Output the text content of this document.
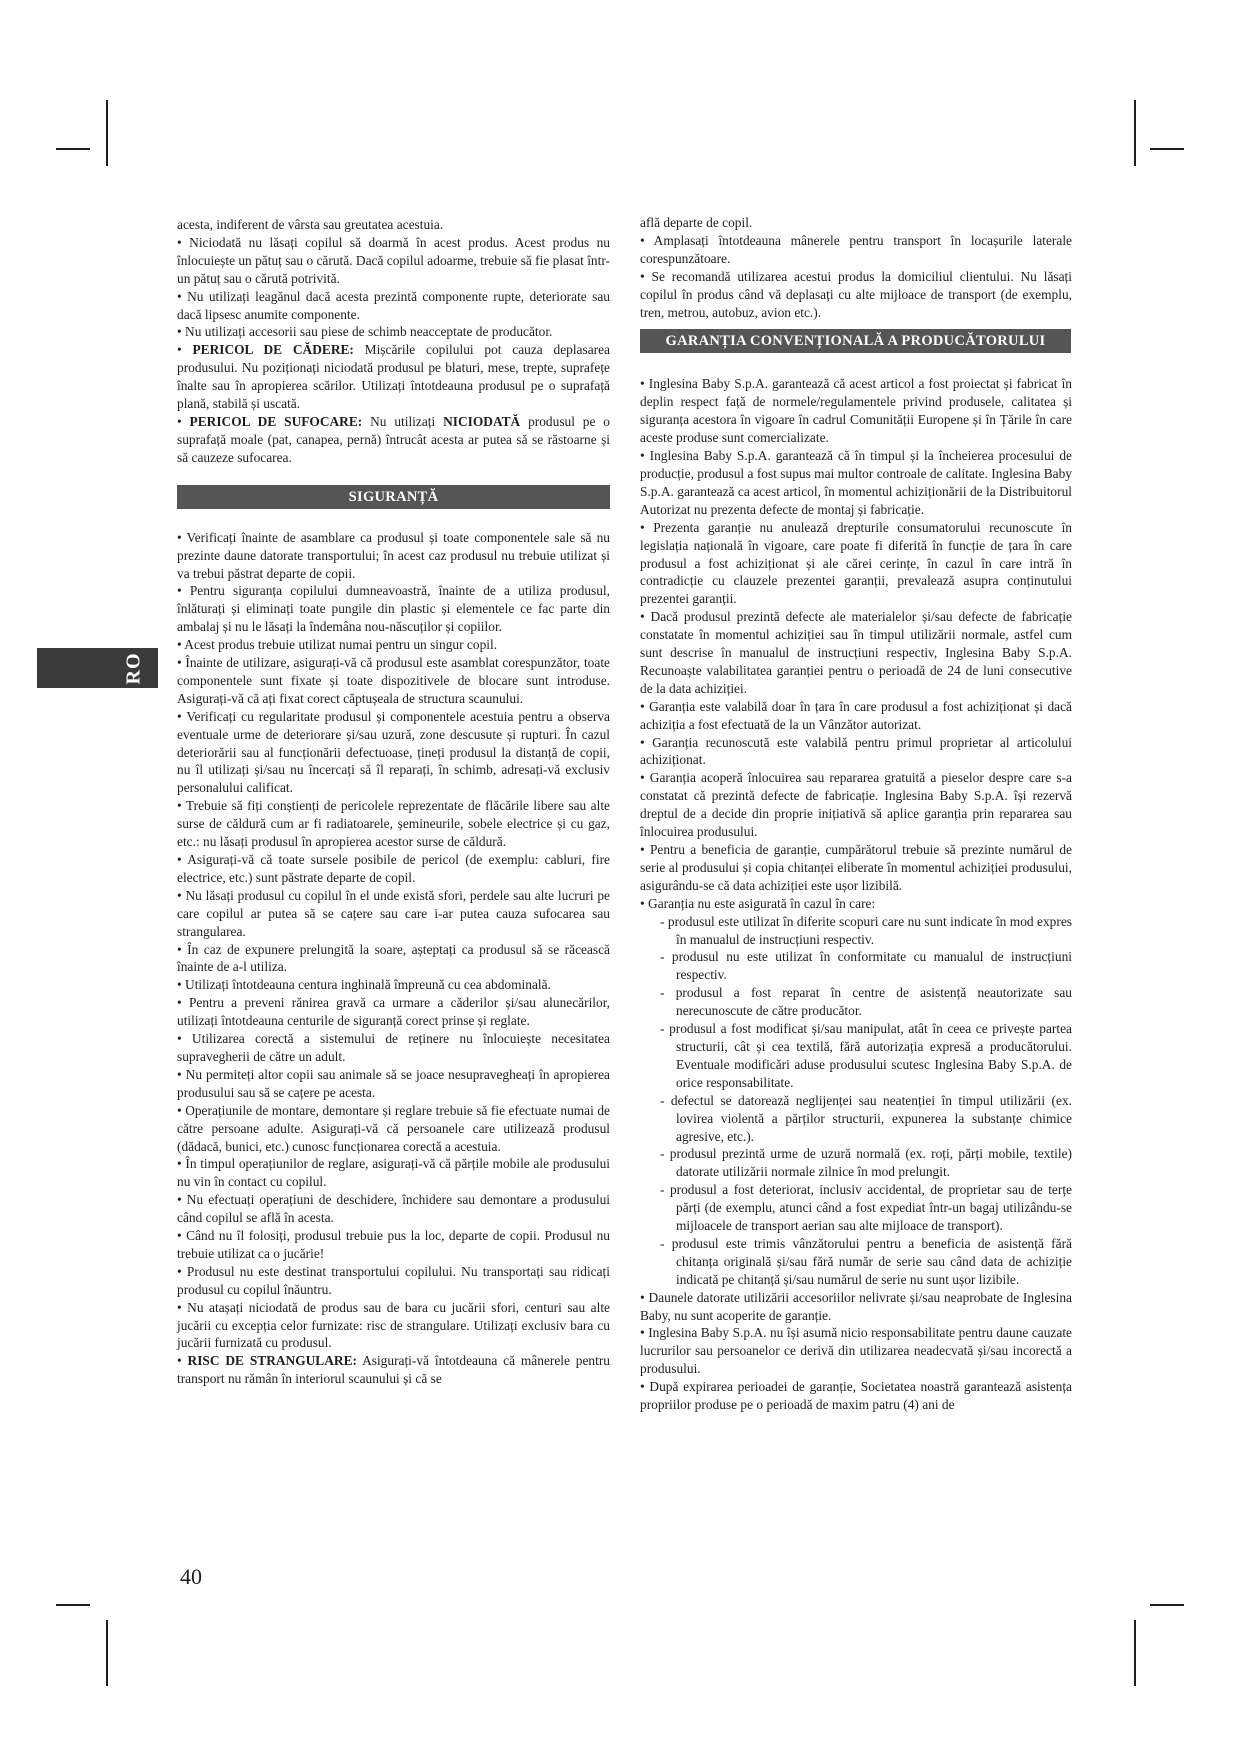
RO

acesta, indiferent de vârsta sau greutatea acestuia.

• Niciodată nu lăsați copilul să doarmă în acest produs. Acest produs nu înlocuiește un pătuț sau o cărută. Dacă copilul adoarme, trebuie să fie plasat într-un pătuț sau o cărută potrivită.

• Nu utilizați leagănul dacă acesta prezintă componente rupte, deteriorate sau dacă lipsesc anumite componente.

• Nu utilizați accesorii sau piese de schimb neacceptate de producător.

• PERICOL DE CĂDERE: Mișcările copilului pot cauza deplasarea produsului. Nu poziționați niciodată produsul pe blaturi, mese, trepte, suprafețe înalte sau în apropierea scărilor. Utilizați întotdeauna produsul pe o suprafață plană, stabilă și uscată.

• PERICOL DE SUFOCARE: Nu utilizați NICIODATĂ produsul pe o suprafață moale (pat, canapea, pernă) întrucât acesta ar putea să se răstoarne și să cauzeze sufocarea.

SIGURANȚĂ

• Verificați înainte de asamblare ca produsul și toate componentele sale să nu prezinte daune datorate transportului; în acest caz produsul nu trebuie utilizat și va trebui păstrat departe de copii.

• Pentru siguranța copilului dumneavoastră, înainte de a utiliza produsul, înlăturați și eliminați toate pungile din plastic și elementele ce fac parte din ambalaj și nu le lăsați la îndemâna nou-născuților și copiilor.

• Acest produs trebuie utilizat numai pentru un singur copil.

• Înainte de utilizare, asigurați-vă că produsul este asamblat corespunzător, toate componentele sunt fixate și toate dispozitivele de blocare sunt introduse. Asigurați-vă că ați fixat corect căptușeala de structura scaunului.

• Verificați cu regularitate produsul și componentele acestuia pentru a observa eventuale urme de deteriorare și/sau uzură, zone descusute și rupturi. În cazul deteriorării sau al funcționării defectuoase, țineți produsul la distanță de copii, nu îl utilizați și/sau nu încercați să îl reparați, în schimb, adresați-vă exclusiv personalului calificat.

• Trebuie să fiți conștienți de pericolele reprezentate de flăcările libere sau alte surse de căldură cum ar fi radiatoarele, șemineurile, sobele electrice și cu gaz, etc.: nu lăsați produsul în apropierea acestor surse de căldură.

• Asigurați-vă că toate sursele posibile de pericol (de exemplu: cabluri, fire electrice, etc.) sunt păstrate departe de copil.

• Nu lăsați produsul cu copilul în el unde există sfori, perdele sau alte lucruri pe care copilul ar putea să se cațere sau care i-ar putea cauza sufocarea sau strangularea.

• În caz de expunere prelungită la soare, așteptați ca produsul să se răcească înainte de a-l utiliza.

• Utilizați întotdeauna centura inghinală împreună cu cea abdominală.

• Pentru a preveni rănirea gravă ca urmare a căderilor și/sau alunecărilor, utilizați întotdeauna centurile de siguranță corect prinse și reglate.

• Utilizarea corectă a sistemului de reținere nu înlocuiește necesitatea supravegherii de către un adult.

• Nu permiteți altor copii sau animale să se joace nesupravegheați în apropierea produsului sau să se cațere pe acesta.

• Operațiunile de montare, demontare și reglare trebuie să fie efectuate numai de către persoane adulte. Asigurați-vă că persoanele care utilizează produsul (dădacă, bunici, etc.) cunosc funcționarea corectă a acestuia.

• În timpul operațiunilor de reglare, asigurați-vă că părțile mobile ale produsului nu vin în contact cu copilul.

• Nu efectuați operațiuni de deschidere, închidere sau demontare a produsului când copilul se află în acesta.

• Când nu îl folosiți, produsul trebuie pus la loc, departe de copii. Produsul nu trebuie utilizat ca o jucărie!

• Produsul nu este destinat transportului copilului. Nu transportați sau ridicați produsul cu copilul înăuntru.

• Nu atașați niciodată de produs sau de bara cu jucării sfori, centuri sau alte jucării cu excepția celor furnizate: risc de strangulare. Utilizați exclusiv bara cu jucării furnizată cu produsul.

• RISC DE STRANGULARE: Asigurați-vă întotdeauna că mânerele pentru transport nu rămân în interiorul scaunului și că se

află departe de copil.

• Amplasați întotdeauna mânerele pentru transport în locașurile laterale corespunzătoare.

• Se recomandă utilizarea acestui produs la domiciliul clientului. Nu lăsați copilul în produs când vă deplasați cu alte mijloace de transport (de exemplu, tren, metrou, autobuz, avion etc.).

GARANȚIA CONVENȚIONALĂ A PRODUCĂTORULUI

• Inglesina Baby S.p.A. garantează că acest articol a fost proiectat și fabricat în deplin respect față de normele/regulamentele privind produsele, calitatea și siguranța acestora în vigoare în cadrul Comunității Europene și în Țările în care aceste produse sunt comercializate.

• Inglesina Baby S.p.A. garantează că în timpul și la încheierea procesului de producție, produsul a fost supus mai multor controale de calitate. Inglesina Baby S.p.A. garantează ca acest articol, în momentul achiziționării de la Distribuitorul Autorizat nu prezenta defecte de montaj și fabricație.

• Prezenta garanție nu anulează drepturile consumatorului recunoscute în legislația națională în vigoare, care poate fi diferită în funcție de țara în care produsul a fost achiziționat și ale cărei cerințe, în cazul în care intră în contradicție cu clauzele prezentei garanții, prevalează asupra conținutului prezentei garanții.

• Dacă produsul prezintă defecte ale materialelor și/sau defecte de fabricație constatate în momentul achiziției sau în timpul utilizării normale, astfel cum sunt descrise în manualul de instrucțiuni respectiv, Inglesina Baby S.p.A. Recunoaște valabilitatea garanției pentru o perioadă de 24 de luni consecutive de la data achiziției.

• Garanția este valabilă doar în țara în care produsul a fost achiziționat și dacă achiziția a fost efectuată de la un Vânzător autorizat.

• Garanția recunoscută este valabilă pentru primul proprietar al articolului achiziționat.

• Garanția acoperă înlocuirea sau repararea gratuită a pieselor despre care s-a constatat că prezintă defecte de fabricație. Inglesina Baby S.p.A. își rezervă dreptul de a decide din proprie inițiativă să aplice garanția prin repararea sau înlocuirea produsului.

• Pentru a beneficia de garanție, cumpărătorul trebuie să prezinte numărul de serie al produsului și copia chitanței eliberate în momentul achiziției produsului, asigurându-se că data achiziției este ușor lizibilă.

• Garanția nu este asigurată în cazul în care:

- produsul este utilizat în diferite scopuri care nu sunt indicate în mod expres în manualul de instrucțiuni respectiv.

- produsul nu este utilizat în conformitate cu manualul de instrucțiuni respectiv.

- produsul a fost reparat în centre de asistență neautorizate sau nerecunoscute de către producător.

- produsul a fost modificat și/sau manipulat, atât în ceea ce privește partea structurii, cât și cea textilă, fără autorizația expresă a producătorului. Eventuale modificări aduse produsului scutesc Inglesina Baby S.p.A. de orice responsabilitate.

- defectul se datorează neglijenței sau neatenției în timpul utilizării (ex. lovirea violentă a părților structurii, expunerea la substanțe chimice agresive, etc.).

- produsul prezintă urme de uzură normală (ex. roți, părți mobile, textile) datorate utilizării normale zilnice în mod prelungit.

- produsul a fost deteriorat, inclusiv accidental, de proprietar sau de terțe părți (de exemplu, atunci când a fost expediat într-un bagaj utilizându-se mijloacele de transport aerian sau alte mijloace de transport).

- produsul este trimis vânzătorului pentru a beneficia de asistență fără chitanța originală și/sau fără număr de serie sau când data de achiziție indicată pe chitanță și/sau numărul de serie nu sunt ușor lizibile.

• Daunele datorate utilizării accesoriilor nelivrate și/sau neaprobate de Inglesina Baby, nu sunt acoperite de garanție.

• Inglesina Baby S.p.A. nu își asumă nicio responsabilitate pentru daune cauzate lucrurilor sau persoanelor ce derivă din utilizarea neadecvată și/sau incorectă a produsului.

• După expirarea perioadei de garanție, Societatea noastră garantează asistența propriilor produse pe o perioadă de maxim patru (4) ani de

40
